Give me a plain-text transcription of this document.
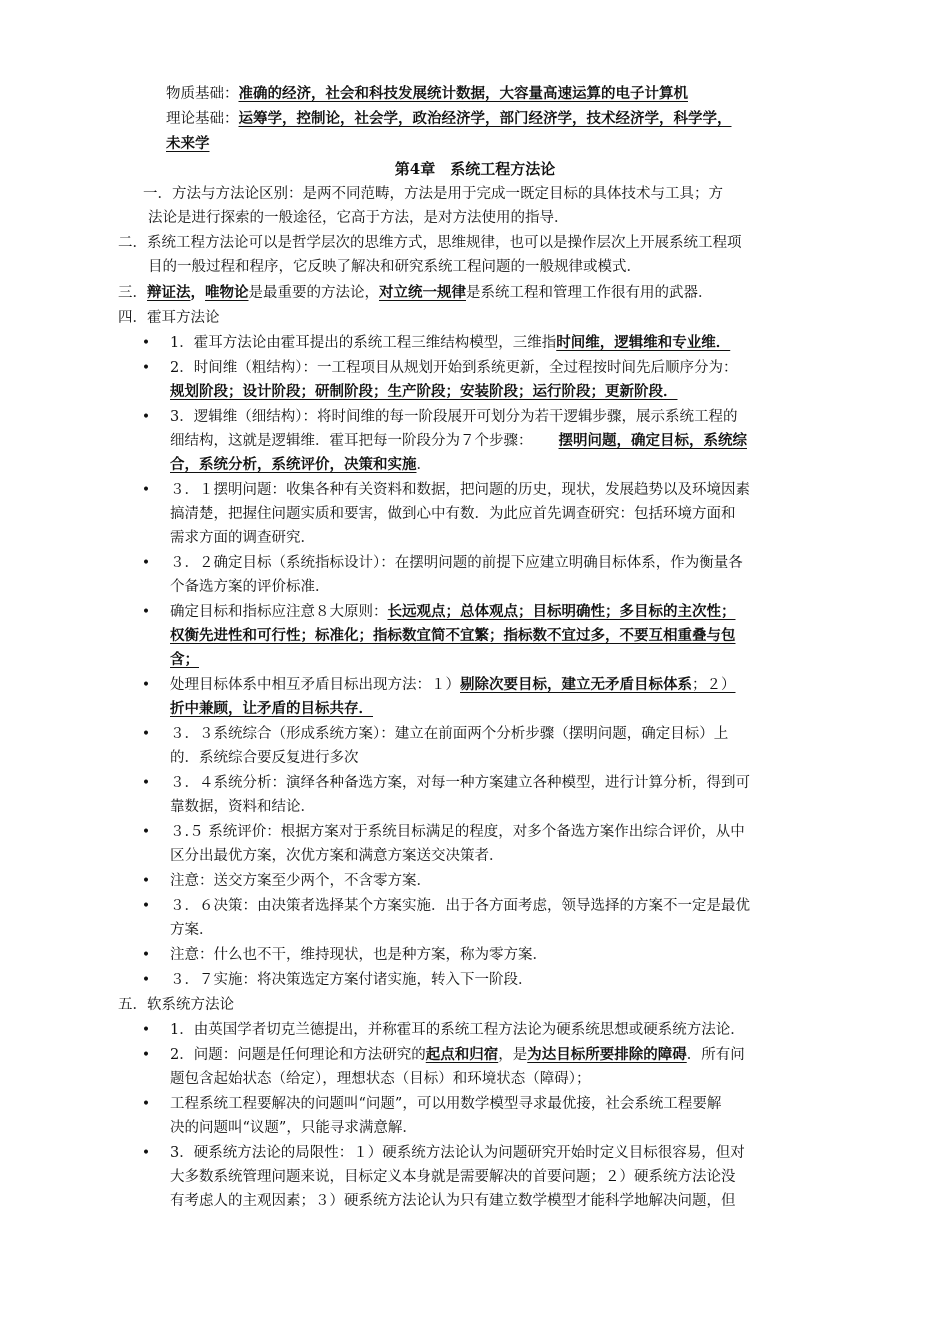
物质基础：准确的经济，社会和科技发展统计数据，大容量高速运算的电子计算机
理论基础：运筹学，控制论，社会学，政治经济学，部门经济学，技术经济学，科学学，
未来学
第4章　系统工程方法论
一．方法与方法论区别：是两不同范畴，方法是用于完成一既定目标的具体技术与工具；方
法论是进行探索的一般途径，它高于方法，是对方法使用的指导．
二．系统工程方法论可以是哲学层次的思维方式，思维规律，也可以是操作层次上开展系统工程项
目的一般过程和程序，它反映了解决和研究系统工程问题的一般规律或模式．
三．辩证法，唯物论是最重要的方法论，对立统一规律是系统工程和管理工作很有用的武器．
四．霍耳方法论
• 1．霍耳方法论由霍耳提出的系统工程三维结构模型，三维指时间维，逻辑维和专业维．
• 2．时间维（粗结构）：一工程项目从规划开始到系统更新，全过程按时间先后顺序分为：
规划阶段；设计阶段；研制阶段；生产阶段；安装阶段；运行阶段；更新阶段．
• 3．逻辑维（细结构）：将时间维的每一阶段展开可划分为若干逻辑步骤，展示系统工程的
细结构，这就是逻辑维．霍耳把每一阶段分为７个步骤： 摆明问题，确定目标，系统综
合，系统分析，系统评价，决策和实施．
• ３．１摆明问题：收集各种有关资料和数据，把问题的历史，现状，发展趋势以及环境因素
搞清楚，把握住问题实质和要害，做到心中有数．为此应首先调查研究：包括环境方面和
需求方面的调查研究．
• ３．２确定目标（系统指标设计）：在摆明问题的前提下应建立明确目标体系，作为衡量各
个备选方案的评价标准．
• 确定目标和指标应注意８大原则：长远观点；总体观点；目标明确性；多目标的主次性；
权衡先进性和可行性；标准化；指标数宜简不宜繁；指标数不宜过多，不要互相重叠与包
含；
• 处理目标体系中相互矛盾目标出现方法：１）剔除次要目标，建立无矛盾目标体系；２）
折中兼顾，让矛盾的目标共存．
• ３．３系统综合（形成系统方案）：建立在前面两个分析步骤（摆明问题，确定目标）上
的．系统综合要反复进行多次
• ３．４系统分析：演绎各种备选方案，对每一种方案建立各种模型，进行计算分析，得到可
靠数据，资料和结论．
• ３.５ 系统评价：根据方案对于系统目标满足的程度，对多个备选方案作出综合评价，从中
区分出最优方案，次优方案和满意方案送交决策者．
• 注意：送交方案至少两个，不含零方案．
• ３．６决策：由决策者选择某个方案实施．出于各方面考虑，领导选择的方案不一定是最优
方案．
• 注意：什么也不干，维持现状，也是种方案，称为零方案．
• ３．７实施：将决策选定方案付诸实施，转入下一阶段．
五．软系统方法论
• 1．由英国学者切克兰德提出，并称霍耳的系统工程方法论为硬系统思想或硬系统方法论．
• 2．问题：问题是任何理论和方法研究的起点和归宿，是为达目标所要排除的障碍．所有问
题包含起始状态（给定），理想状态（目标）和环境状态（障碍）；
• 工程系统工程要解决的问题叫“问题”，可以用数学模型寻求最优接，社会系统工程要解
决的问题叫“议题”，只能寻求满意解．
• 3．硬系统方法论的局限性：１）硬系统方法论认为问题研究开始时定义目标很容易，但对
大多数系统管理问题来说，目标定义本身就是需要解决的首要问题；２）硬系统方法论没
有考虑人的主观因素；３）硬系统方法论认为只有建立数学模型才能科学地解决问题，但
